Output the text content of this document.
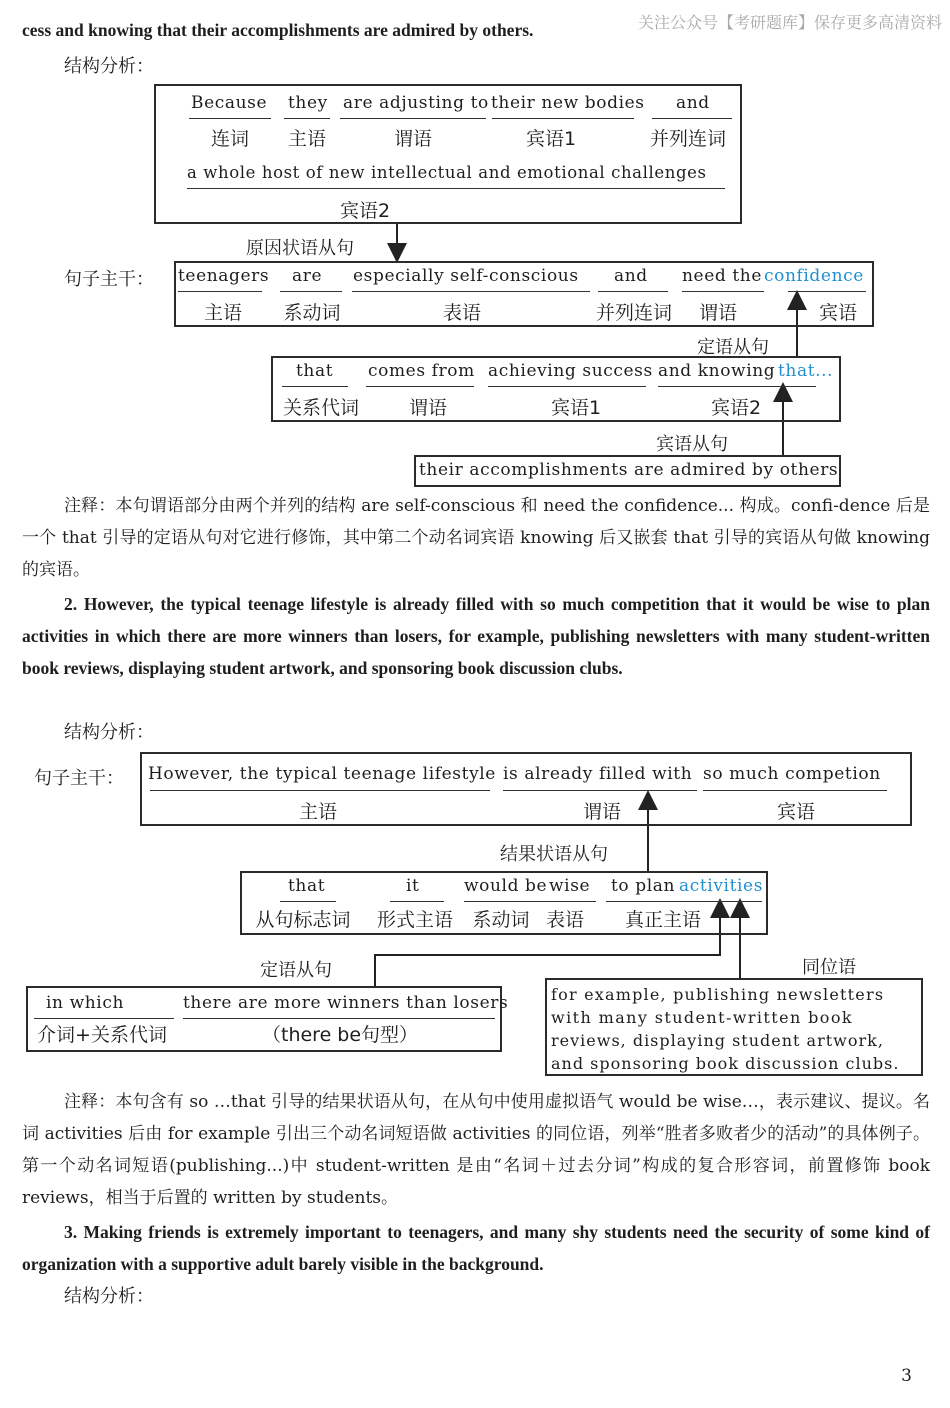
关注公众号【考研题库】保存更多高清资料
cess and knowing that their accomplishments are admired by others.
结构分析：
Because
连词
they
主语
are adjusting to
谓语
their new bodies
宾语1
and
并列连词
a whole host of new intellectual and emotional challenges
宾语2
原因状语从句
句子主干： teenagers
主语
are
系动词
especially self-conscious
表语
and
并列连词
need the confidence
谓语	宾语
定语从句
that
关系代词
comes from
谓语
achieving success
宾语1
and knowing that...
宾语2
宾语从句
their accomplishments are admired by others
注释：本句谓语部分由两个并列的结构 are self-conscious 和 need the confidence... 构成。confi-dence 后是一个 that 引导的定语从句对它进行修饰，其中第二个动名词宾语 knowing 后又嵌套 that 引导的宾语从句做 knowing 的宾语。
2. However, the typical teenage lifestyle is already filled with so much competition that it would be wise to plan activities in which there are more winners than losers, for example, publishing newsletters with many student-written book reviews, displaying student artwork, and sponsoring book discussion clubs.
结构分析：
句子主干： However, the typical teenage lifestyle
主语
is already filled with
谓语
so much competion
宾语
结果状语从句
that
从句标志词
it
形式主语
would be wise
系动词 表语
to plan activities
真正主语
定语从句	同位语
in which
介词+关系代词
there are more winners than losers
（there be句型）
for example, publishing newsletters
with many student-written book
reviews, displaying student artwork,
and sponsoring book discussion clubs.
注释：本句含有 so …that 引导的结果状语从句，在从句中使用虚拟语气 would be wise…，表示建议、提议。名词 activities 后由 for example 引出三个动名词短语做 activities 的同位语，列举“胜者多败者少的活动”的具体例子。第一个动名词短语(publishing...)中 student-written 是由“名词＋过去分词”构成的复合形容词，前置修饰 book reviews，相当于后置的 written by students。
3. Making friends is extremely important to teenagers, and many shy students need the security of some kind of organization with a supportive adult barely visible in the background.
结构分析：
3
